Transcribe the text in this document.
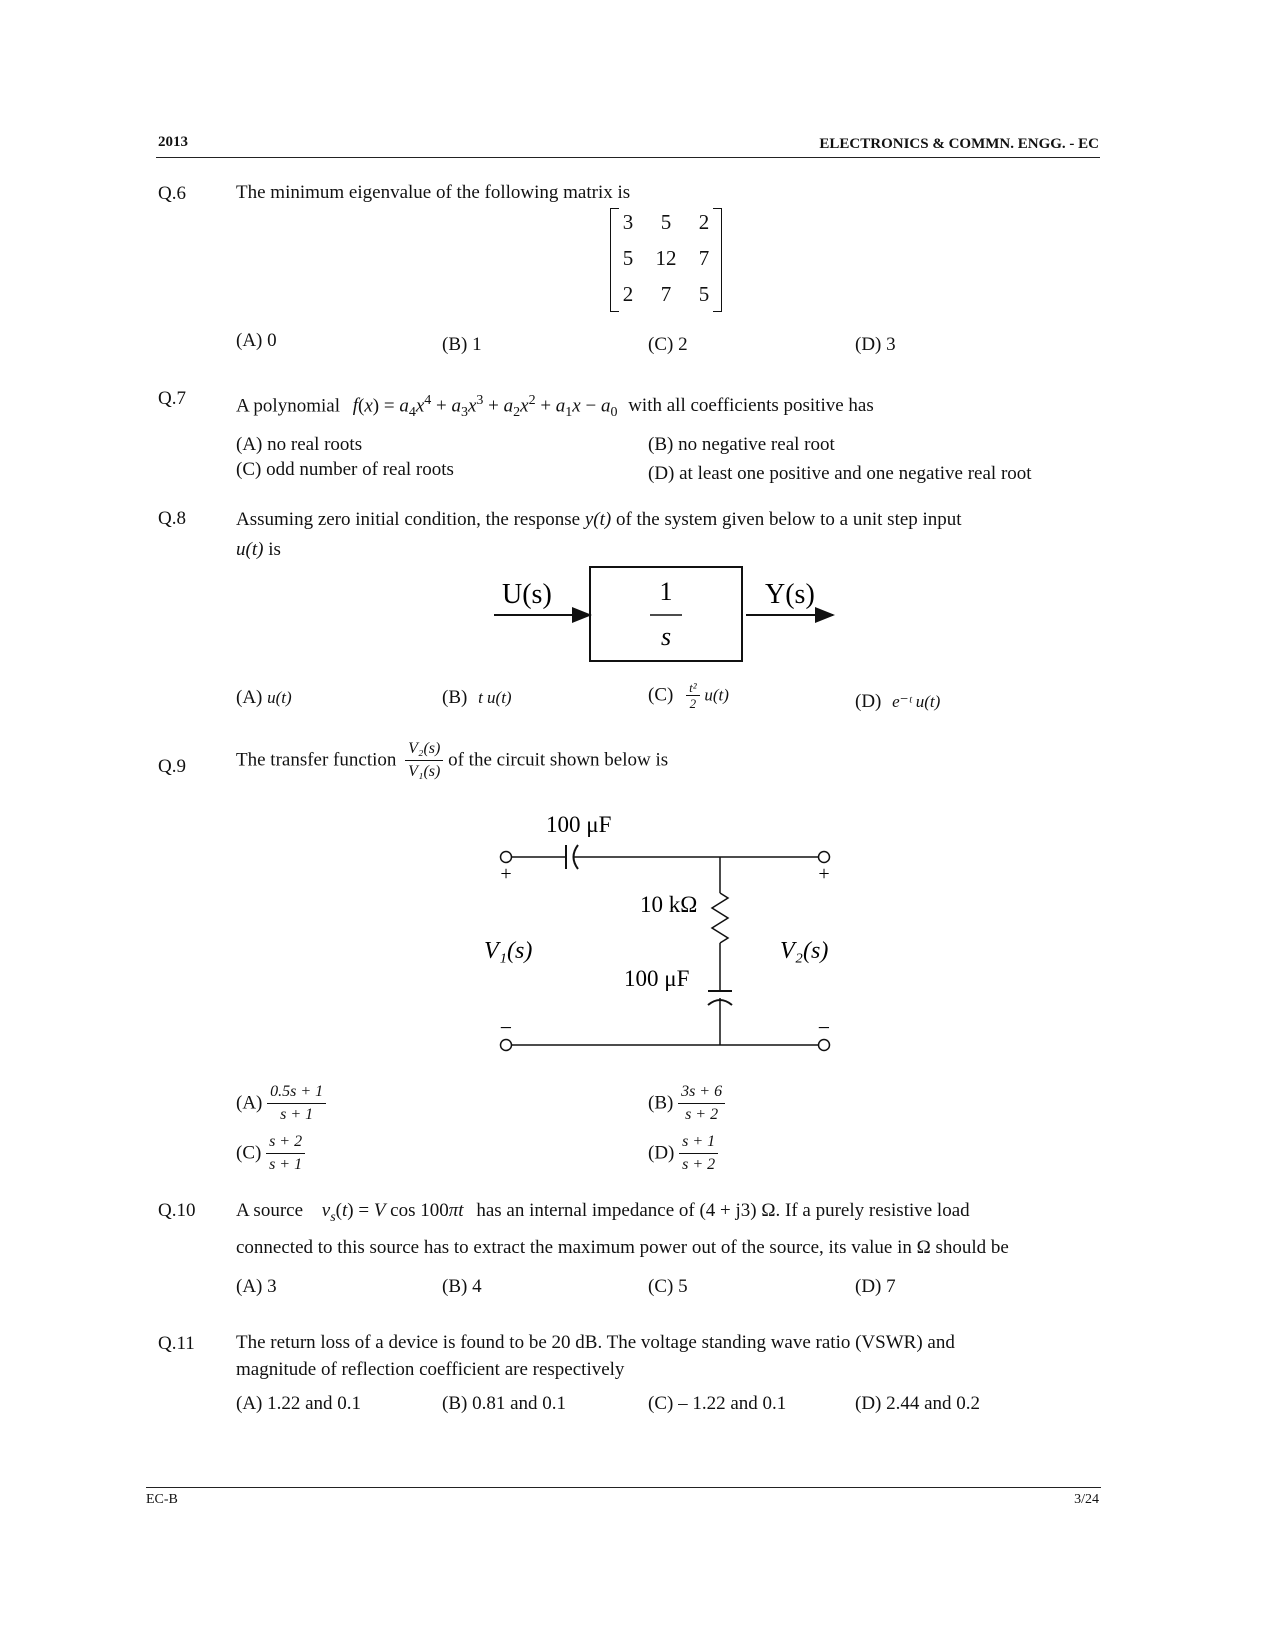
2013	ELECTRONICS & COMMN. ENGG. - EC
Q.6	The minimum eigenvalue of the following matrix is
3	5	2
5	12	7
2	7	5
(A) 0	(B) 1	(C) 2	(D) 3
Q.7	A polynomial $f(x) = a_4x^4 + a_3x^3 + a_2x^2 + a_1x - a_0$ with all coefficients positive has
(A) no real roots	(B) no negative real root
(C) odd number of real roots	(D) at least one positive and one negative real root
Q.8	Assuming zero initial condition, the response y(t) of the system given below to a unit step input
u(t) is
U(s)	Y(s)
1
s
(A) u(t)	(B) t u(t)	$(C) \frac{\text{t²}}{2} u(t)$	(D) e⁻ᵗ u(t)
Q.9	The transfer function $\frac{\text{V₂(s)}}{\text{V₁(s)}}$ of the circuit shown below is
100 μF
10 kΩ
100 μF
V₁(s)	V₂(s)
+	+
−	−
$(A) \frac{0.5s + 1}{s + 1}$	$(B) \frac{3s + 6}{s + 2}$
$(C) \frac{s + 2}{s + 1}$	$(D) \frac{s + 1}{s + 2}$
Q.10 A source $v_s(t) = V$ cos 100πt has an internal impedance of (4 + j3) Ω. If a purely resistive load
connected to this source has to extract the maximum power out of the source, its value in Ω should be
(A) 3	(B) 4	(C) 5	(D) 7
Q.11 The return loss of a device is found to be 20 dB. The voltage standing wave ratio (VSWR) and
magnitude of reflection coefficient are respectively
(A) 1.22 and 0.1	(B) 0.81 and 0.1	(C) – 1.22 and 0.1	(D) 2.44 and 0.2
EC-B	3/24
